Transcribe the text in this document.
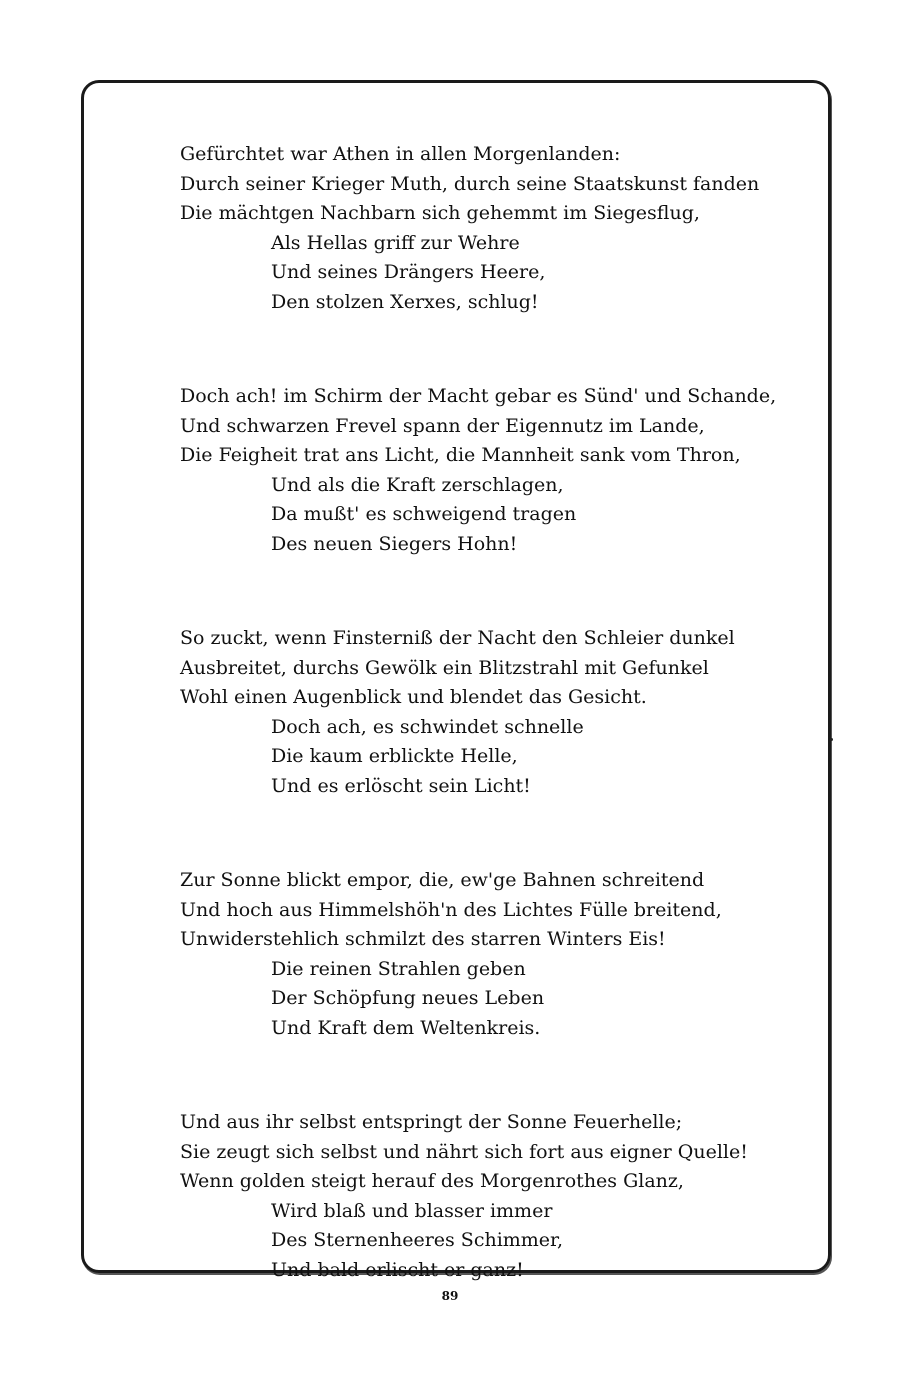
Gefürchtet war Athen in allen Morgenlanden:
Durch seiner Krieger Muth, durch seine Staatskunst fanden
Die mächtgen Nachbarn sich gehemmt im Siegesflug,
Als Hellas griff zur Wehre
Und seines Drängers Heere,
Den stolzen Xerxes, schlug!
Doch ach! im Schirm der Macht gebar es Sünd' und Schande,
Und schwarzen Frevel spann der Eigennutz im Lande,
Die Feigheit trat ans Licht, die Mannheit sank vom Thron,
Und als die Kraft zerschlagen,
Da mußt' es schweigend tragen
Des neuen Siegers Hohn!
So zuckt, wenn Finsterniß der Nacht den Schleier dunkel
Ausbreitet, durchs Gewölk ein Blitzstrahl mit Gefunkel
Wohl einen Augenblick und blendet das Gesicht.
Doch ach, es schwindet schnelle
Die kaum erblickte Helle,
Und es erlöscht sein Licht!
Zur Sonne blickt empor, die, ew'ge Bahnen schreitend
Und hoch aus Himmelshöh'n des Lichtes Fülle breitend,
Unwiderstehlich schmilzt des starren Winters Eis!
Die reinen Strahlen geben
Der Schöpfung neues Leben
Und Kraft dem Weltenkreis.
Und aus ihr selbst entspringt der Sonne Feuerhelle;
Sie zeugt sich selbst und nährt sich fort aus eigner Quelle!
Wenn golden steigt herauf des Morgenrothes Glanz,
Wird blaß und blasser immer
Des Sternenheeres Schimmer,
Und bald erlischt er ganz!
89
